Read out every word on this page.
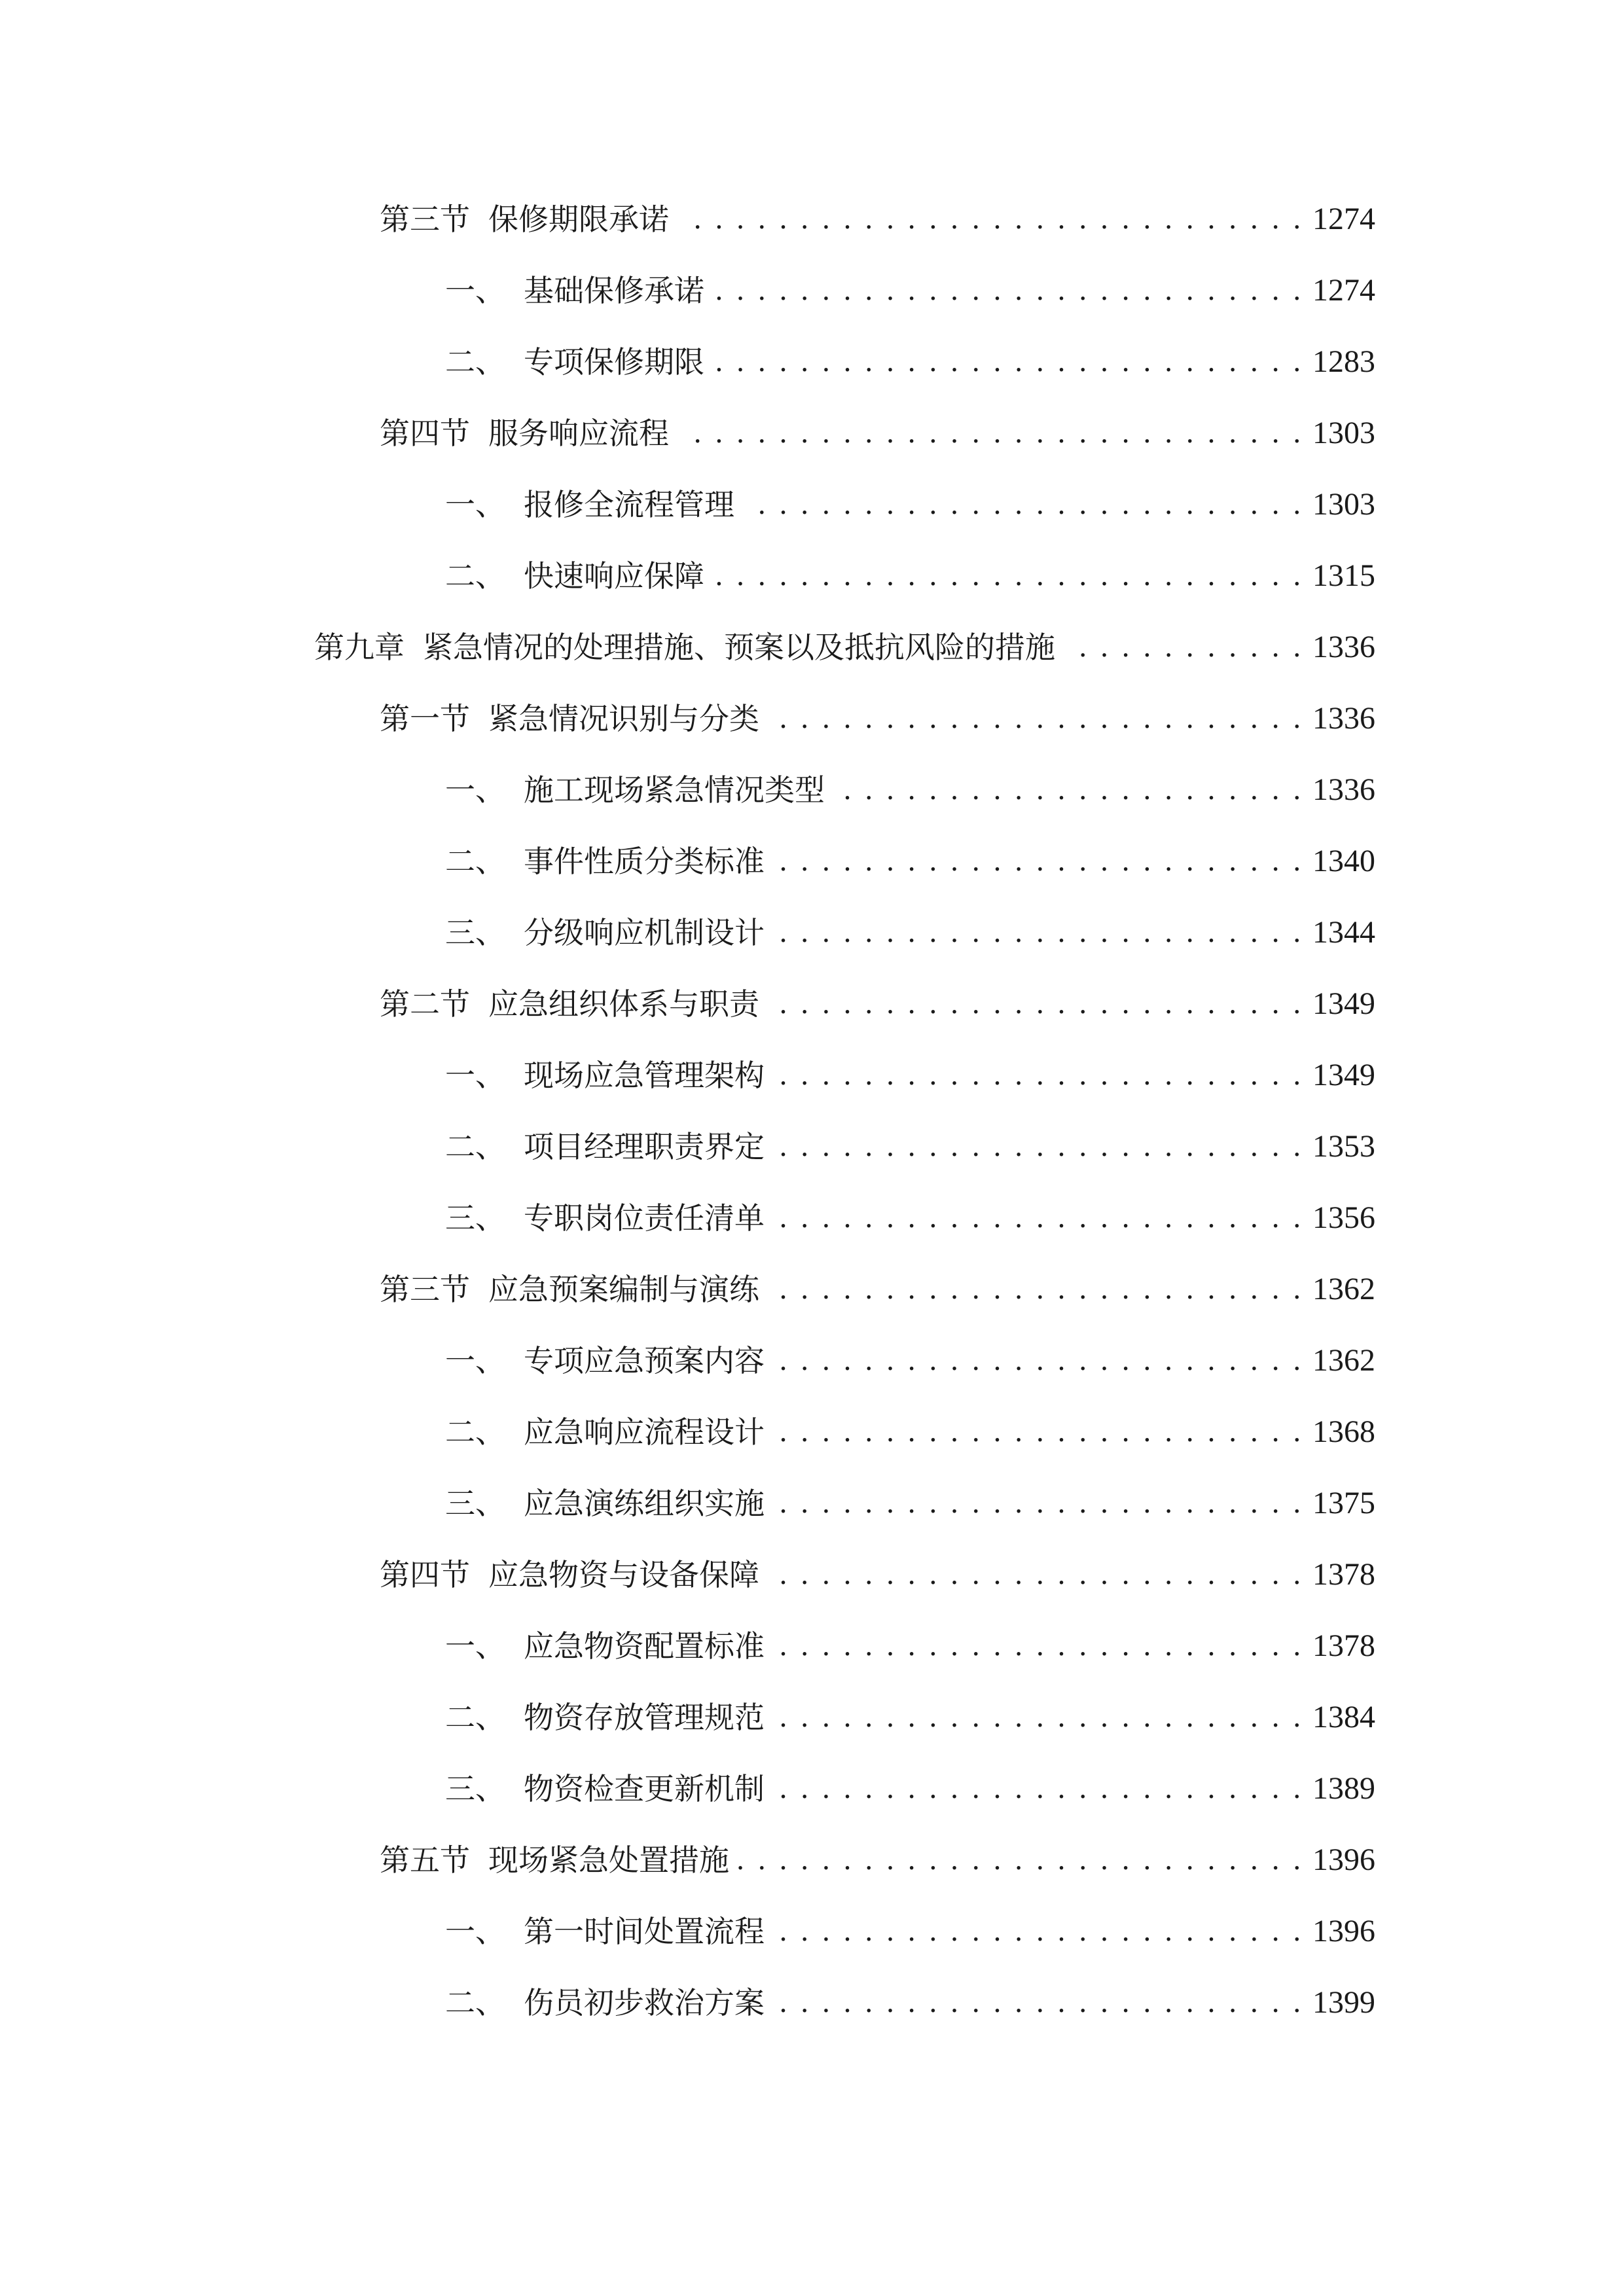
第三节 保修期限承诺 . . .	1274
一、 基础保修承诺 . . .	1274
二、 专项保修期限 . . .	1283
第四节 服务响应流程 . . .	1303
一、 报修全流程管理 . . .	1303
二、 快速响应保障 . . .	1315
第九章 紧急情况的处理措施、预案以及抵抗风险的措施 . . .	1336
第一节 紧急情况识别与分类 . . .	1336
一、 施工现场紧急情况类型 . . .	1336
二、 事件性质分类标准 . . .	1340
三、 分级响应机制设计 . . .	1344
第二节 应急组织体系与职责 . . .	1349
一、 现场应急管理架构 . . .	1349
二、 项目经理职责界定 . . .	1353
三、 专职岗位责任清单 . . .	1356
第三节 应急预案编制与演练 . . .	1362
一、 专项应急预案内容 . . .	1362
二、 应急响应流程设计 . . .	1368
三、 应急演练组织实施 . . .	1375
第四节 应急物资与设备保障 . . .	1378
一、 应急物资配置标准 . . .	1378
二、 物资存放管理规范 . . .	1384
三、 物资检查更新机制 . . .	1389
第五节 现场紧急处置措施 . . .	1396
一、 第一时间处置流程 . . .	1396
二、 伤员初步救治方案 . . .	1399
